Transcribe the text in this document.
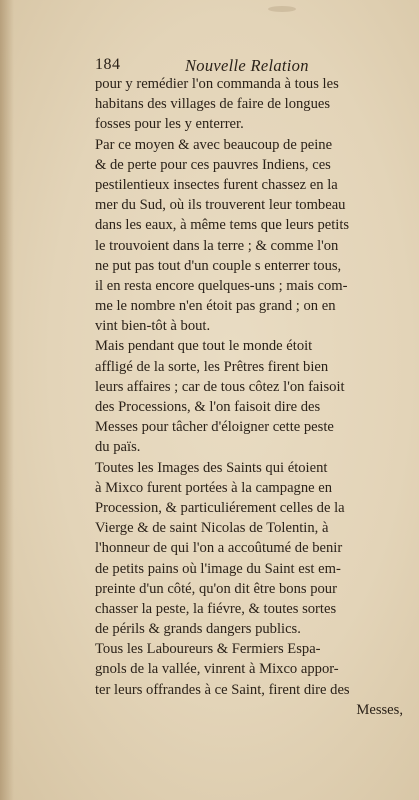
184	Nouvelle Relation
pour y remédier l'on commanda à tous les
habitans des villages de faire de longues
fosses pour les y enterrer.
Par ce moyen & avec beaucoup de peine
& de perte pour ces pauvres Indiens, ces
pestilentieux insectes furent chassez en la
mer du Sud, où ils trouverent leur tombeau
dans les eaux, à même tems que leurs petits
le trouvoient dans la terre ; & comme l'on
ne put pas tout d'un couple s enterrer tous,
il en resta encore quelques-uns ; mais com-
me le nombre n'en étoit pas grand ; on en
vint bien-tôt à bout.
Mais pendant que tout le monde étoit
affligé de la sorte, les Prêtres firent bien
leurs affaires ; car de tous côtez l'on faisoit
des Processions, & l'on faisoit dire des
Messes pour tâcher d'éloigner cette peste
du païs.
Toutes les Images des Saints qui étoient
à Mixco furent portées à la campagne en
Procession, & particuliérement celles de la
Vierge & de saint Nicolas de Tolentin, à
l'honneur de qui l'on a accoûtumé de benir
de petits pains où l'image du Saint est em-
preinte d'un côté, qu'on dit être bons pour
chasser la peste, la fiévre, & toutes sortes
de périls & grands dangers publics.
Tous les Laboureurs & Fermiers Espa-
gnols de la vallée, vinrent à Mixco appor-
ter leurs offrandes à ce Saint, firent dire des
Messes,
